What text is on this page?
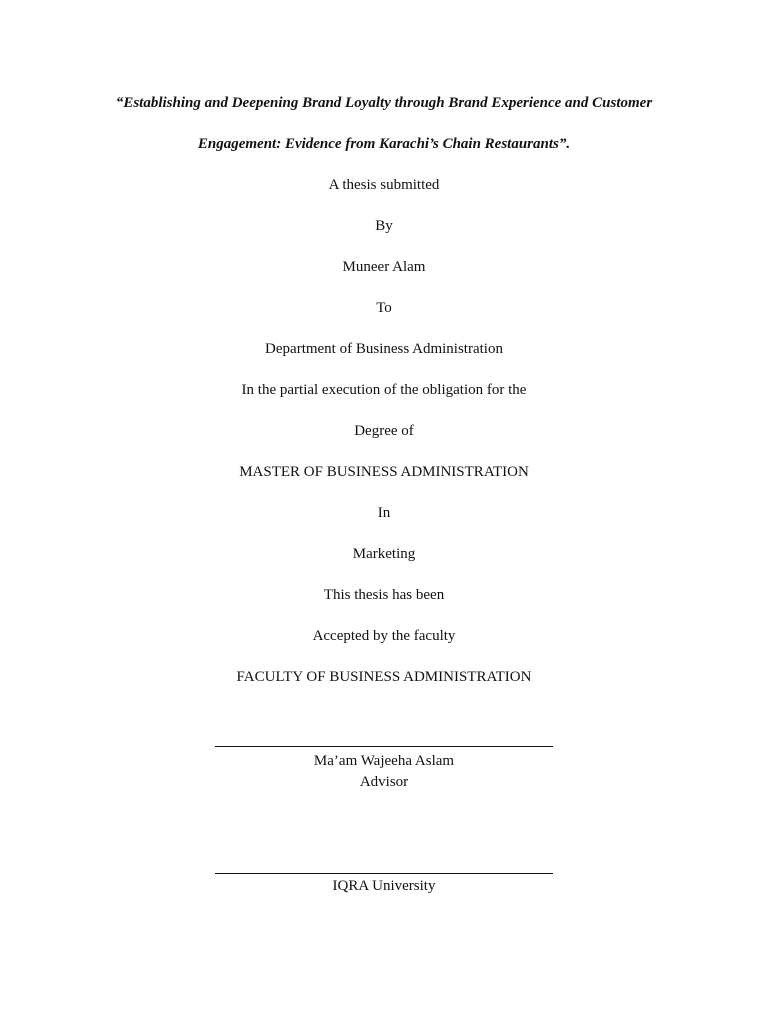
“Establishing and Deepening Brand Loyalty through Brand Experience and Customer
Engagement: Evidence from Karachi’s Chain Restaurants”.
A thesis submitted
By
Muneer Alam
To
Department of Business Administration
In the partial execution of the obligation for the
Degree of
MASTER OF BUSINESS ADMINISTRATION
In
Marketing
This thesis has been
Accepted by the faculty
FACULTY OF BUSINESS ADMINISTRATION
Ma’am Wajeeha Aslam
Advisor
IQRA University
